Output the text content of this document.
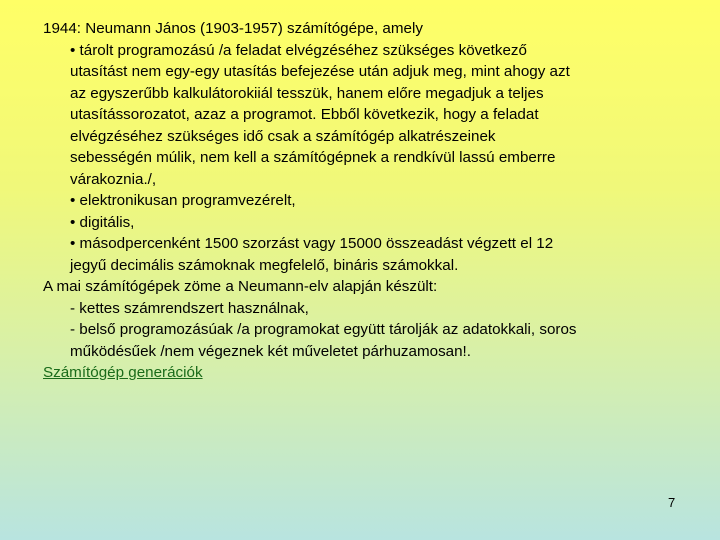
1944: Neumann János (1903-1957) számítógépe, amely
• tárolt programozású /a feladat elvégzéséhez szükséges következő
utasítást nem egy-egy utasítás befejezése után adjuk meg, mint ahogy azt
az egyszerűbb kalkulátorokiiál tesszük, hanem előre megadjuk a teljes
utasítássorozatot, azaz a programot. Ebből következik, hogy a feladat
elvégzéséhez szükséges idő csak a számítógép alkatrészeinek
sebességén múlik, nem kell a számítógépnek a rendkívül lassú emberre
várakoznia./,
• elektronikusan programvezérelt,
• digitális,
• másodpercenként 1500 szorzást vagy 15000 összeadást végzett el 12
jegyű decimális számoknak megfelelő, bináris számokkal.
A mai számítógépek zöme a Neumann-elv alapján készült:
- kettes számrendszert használnak,
- belső programozásúak /a programokat együtt tárolják az adatokkali, soros
működésűek /nem végeznek két műveletet párhuzamosan!.
Számítógép generációk
7
